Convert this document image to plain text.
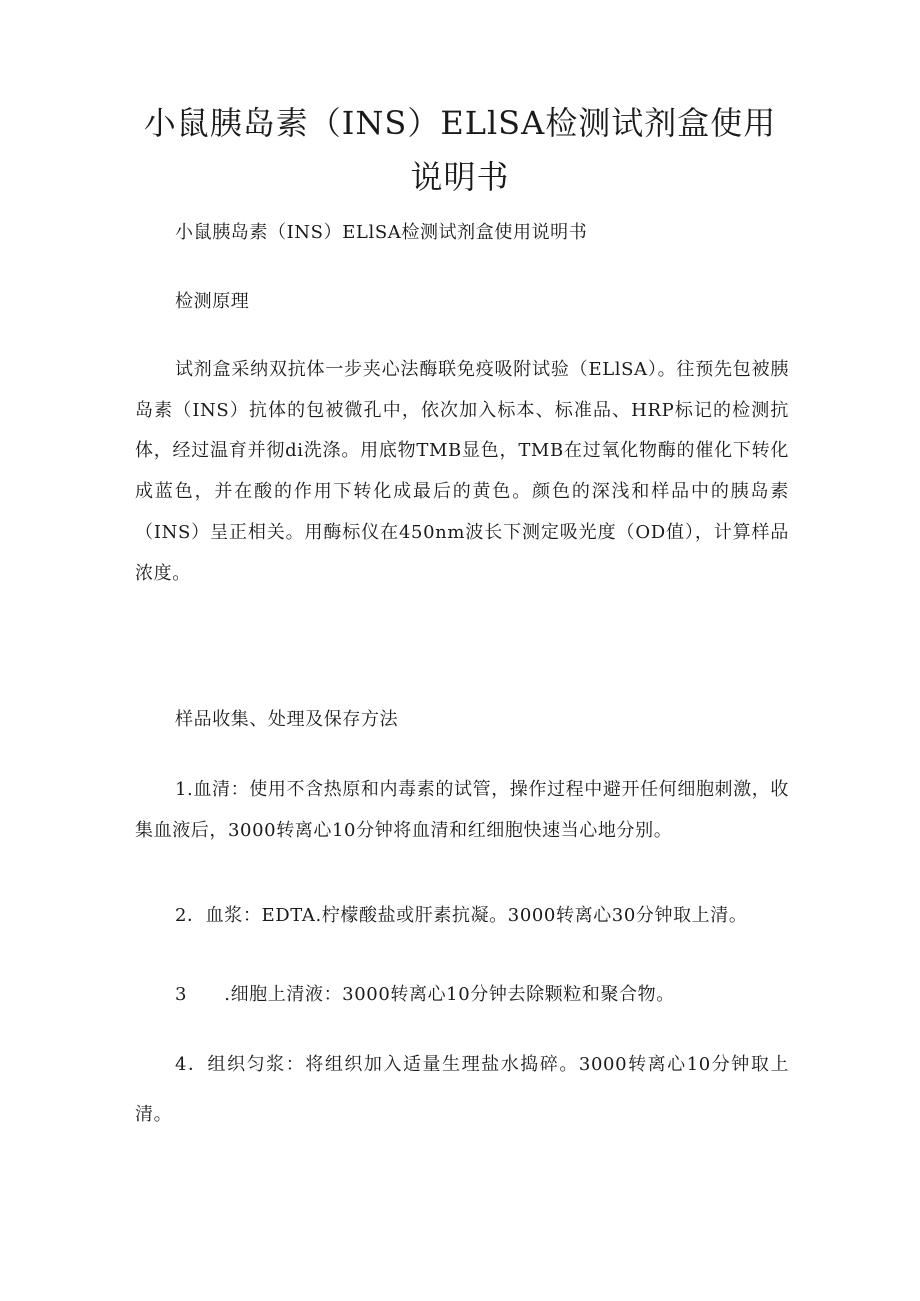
小鼠胰岛素（INS）ELlSA检测试剂盒使用说明书

小鼠胰岛素（INS）ELlSA检测试剂盒使用说明书

检测原理

试剂盒采纳双抗体一步夹心法酶联免疫吸附试验（ELlSA）。往预先包被胰岛素（INS）抗体的包被微孔中，依次加入标本、标准品、HRP标记的检测抗体，经过温育并彻di洗涤。用底物TMB显色，TMB在过氧化物酶的催化下转化成蓝色，并在酸的作用下转化成最后的黄色。颜色的深浅和样品中的胰岛素（INS）呈正相关。用酶标仪在450nm波长下测定吸光度（OD值），计算样品浓度。

样品收集、处理及保存方法

1.血清：使用不含热原和内毒素的试管，操作过程中避开任何细胞刺激，收集血液后，3000转离心10分钟将血清和红细胞快速当心地分别。

2．血浆：EDTA.柠檬酸盐或肝素抗凝。3000转离心30分钟取上清。

3　　.细胞上清液：3000转离心10分钟去除颗粒和聚合物。

4．组织匀浆：将组织加入适量生理盐水捣碎。3000转离心10分钟取上清。
